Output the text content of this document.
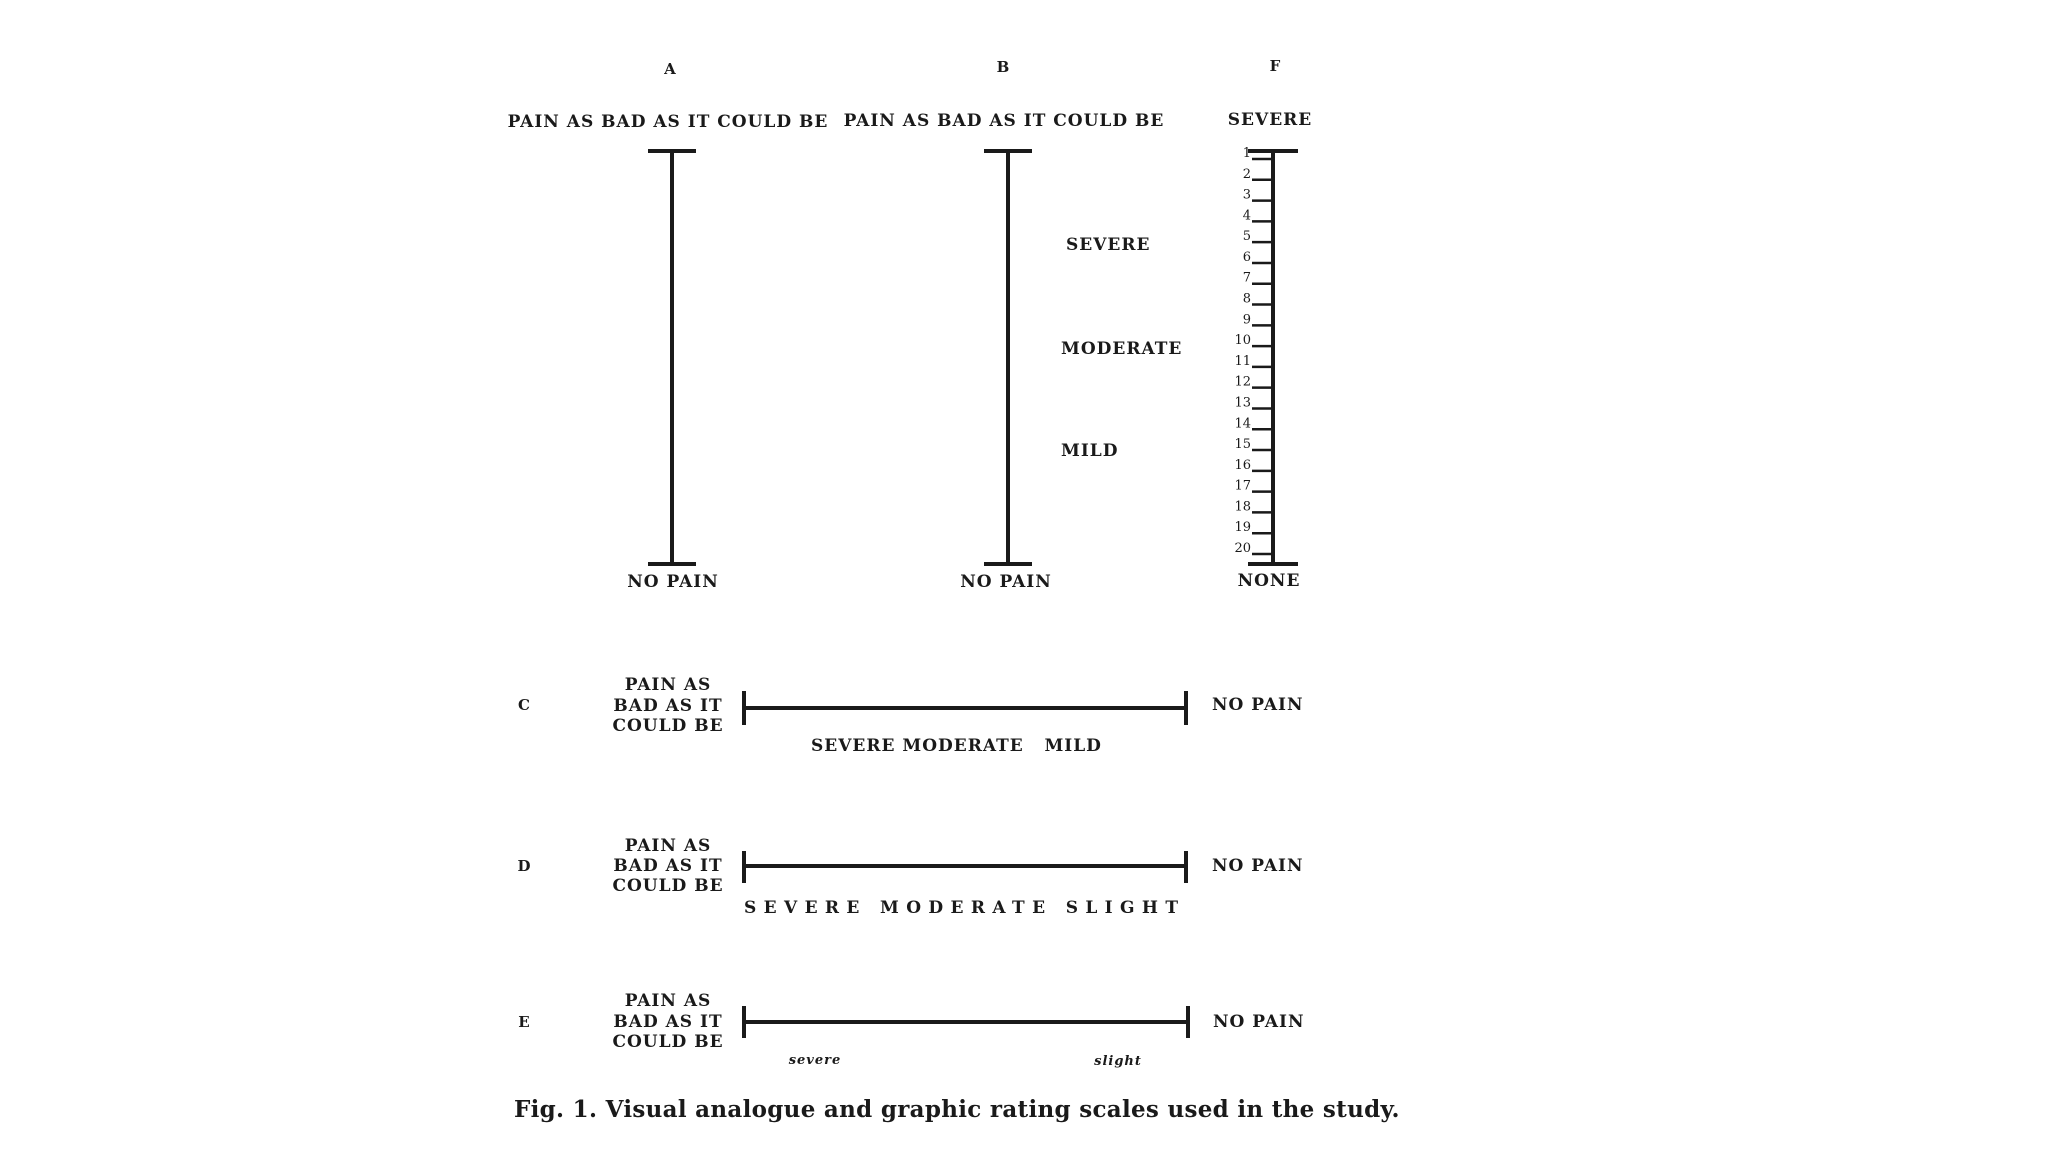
A
PAIN AS BAD AS IT COULD BE
NO PAIN
B
PAIN AS BAD AS IT COULD BE
NO PAIN
SEVERE
MODERATE
MILD
F
SEVERE
1
2
3
4
5
6
7
8
9
10
11
12
13
14
15
16
17
18
19
20
NONE
C
PAIN AS
BAD AS IT
COULD BE
NO PAIN
SEVERE MODERATE   MILD
D
PAIN AS
BAD AS IT
COULD BE
NO PAIN
SEVERE MODERATE SLIGHT
E
PAIN AS
BAD AS IT
COULD BE
NO PAIN
severe	slight
Fig. 1. Visual analogue and graphic rating scales used in the study.
